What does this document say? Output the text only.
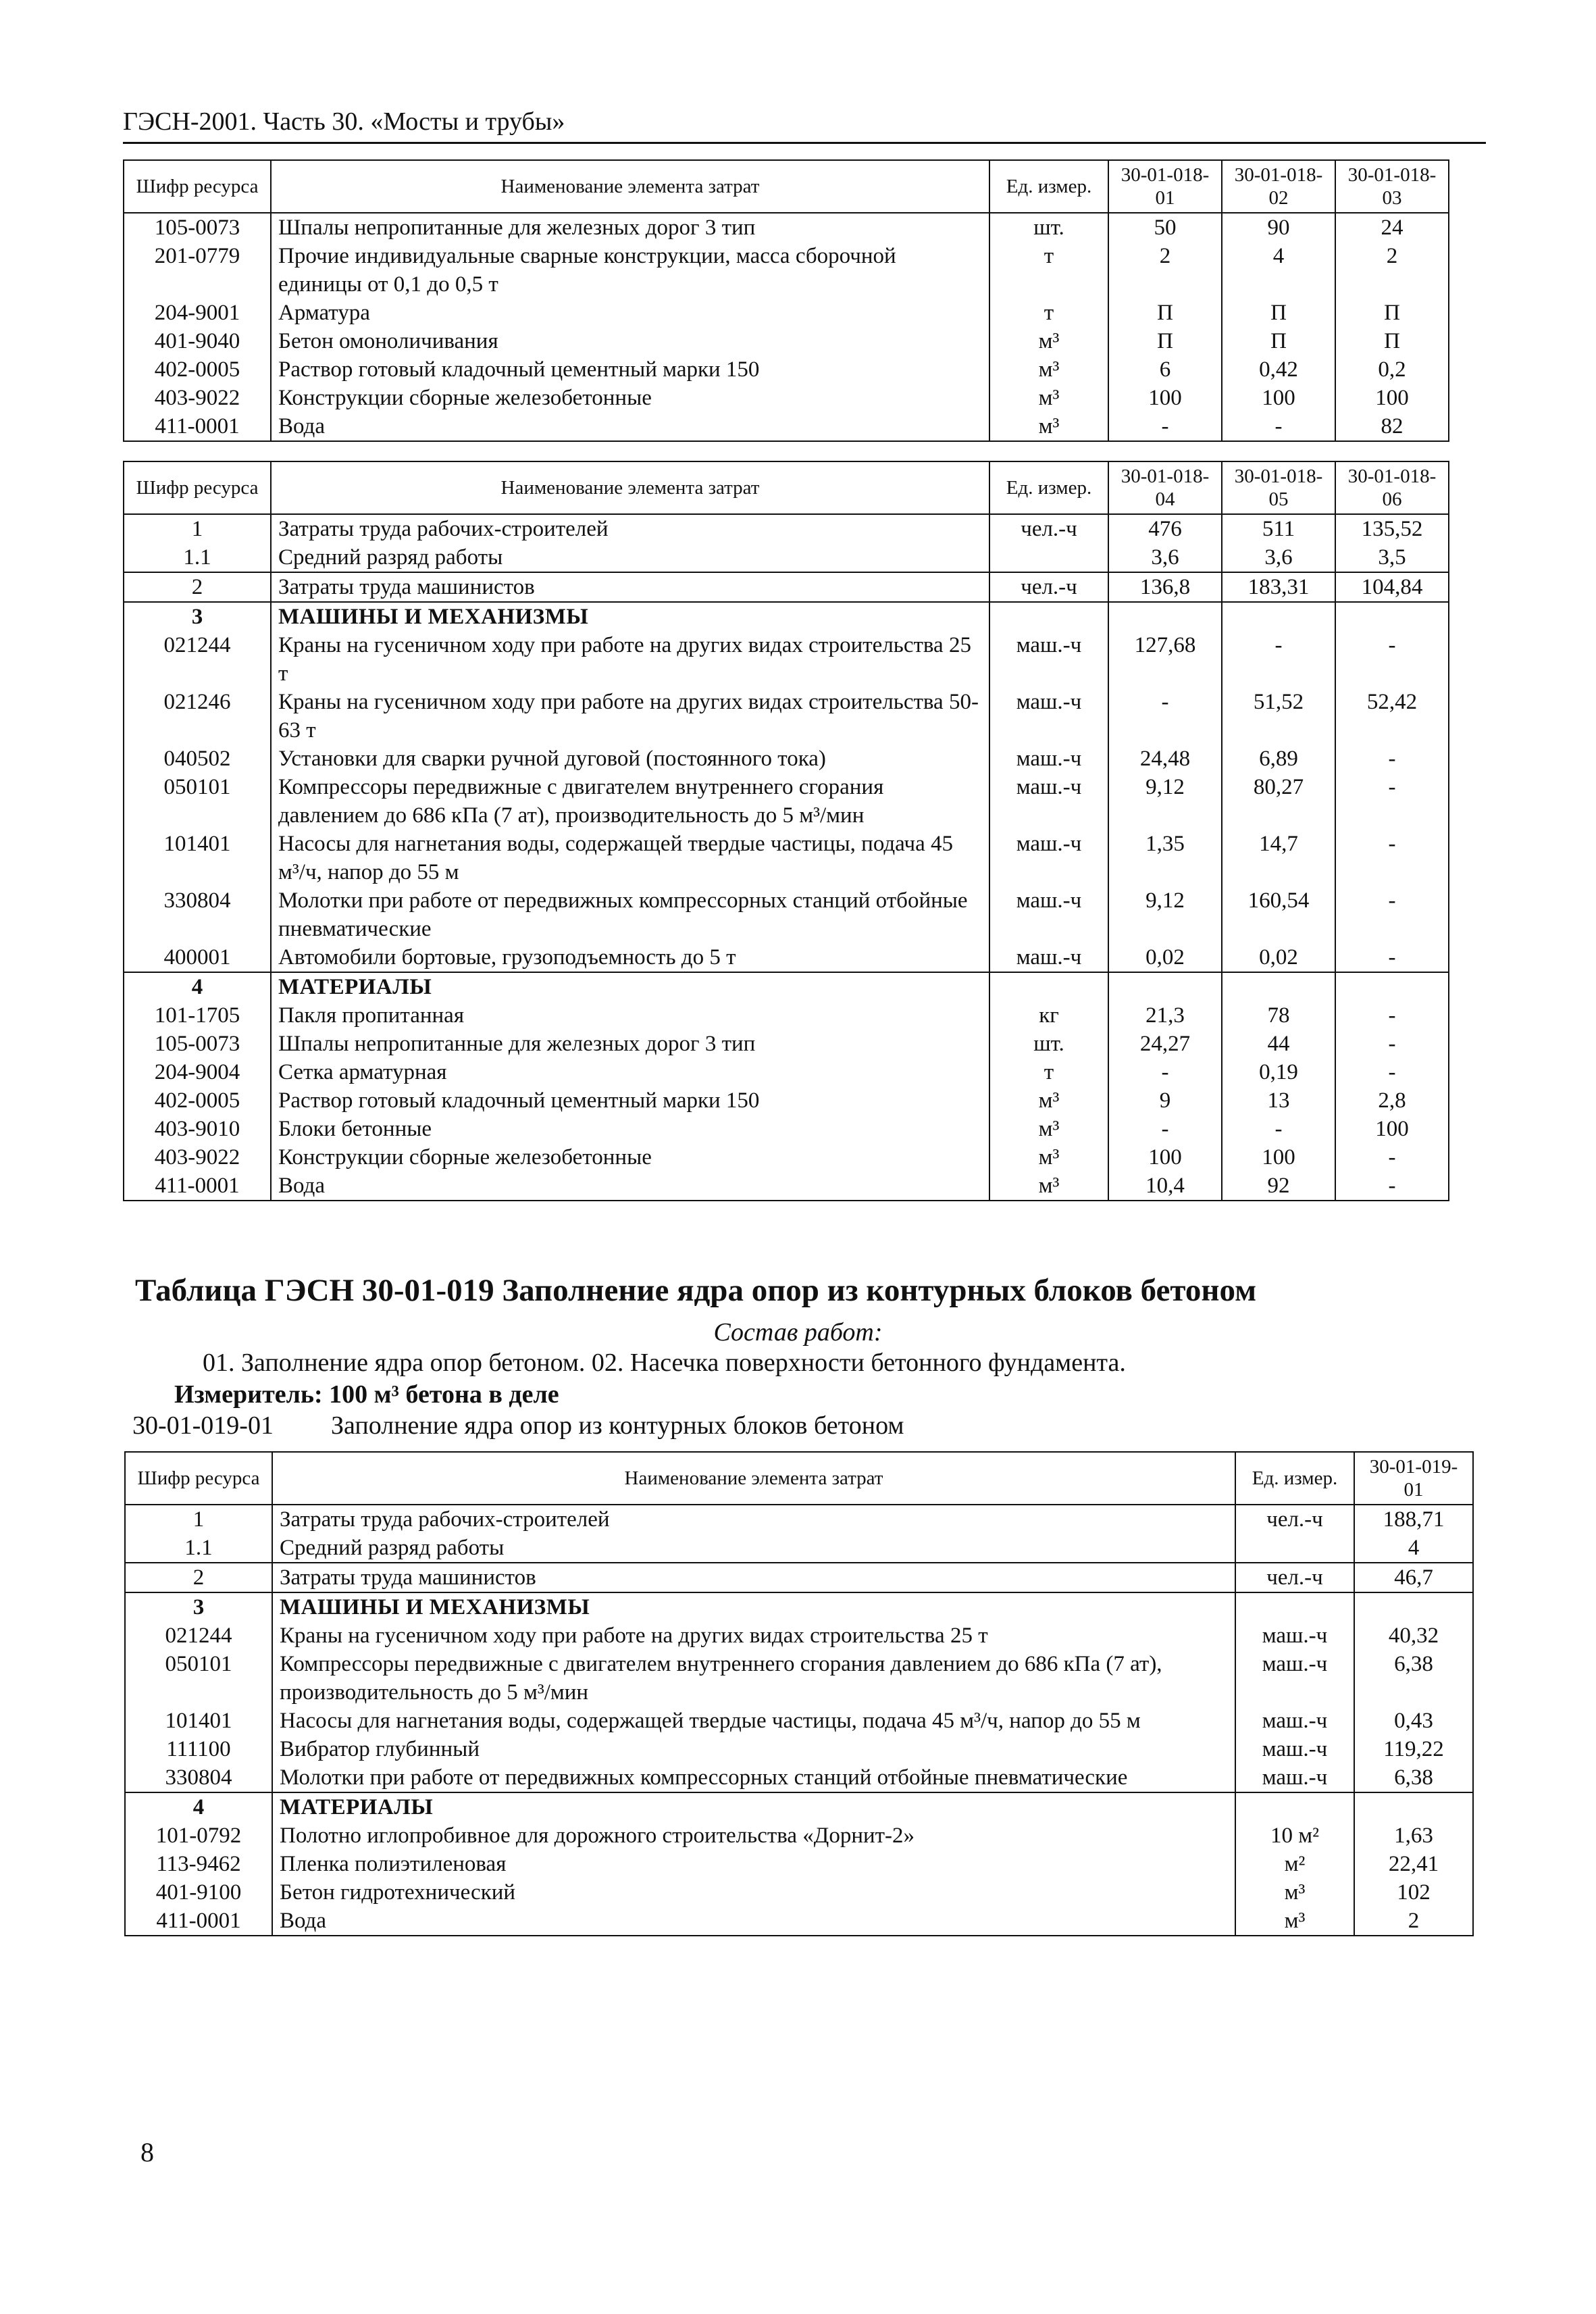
ГЭСН-2001. Часть 30. «Мосты и трубы»
Шифр ресурса	Наименование элемента затрат	Ед. измер.	30-01-018-01	30-01-018-02	30-01-018-03
105-0073	Шпалы непропитанные для железных дорог 3 тип	шт.	50	90	24
201-0779	Прочие индивидуальные сварные конструкции, масса сборочной единицы от 0,1 до 0,5 т	т	2	4	2
204-9001	Арматура	т	П	П	П
401-9040	Бетон омоноличивания	м³	П	П	П
402-0005	Раствор готовый кладочный цементный марки 150	м³	6	0,42	0,2
403-9022	Конструкции сборные железобетонные	м³	100	100	100
411-0001	Вода	м³	-	-	82
Шифр ресурса	Наименование элемента затрат	Ед. измер.	30-01-018-04	30-01-018-05	30-01-018-06
1	Затраты труда рабочих-строителей	чел.-ч	476	511	135,52
1.1	Средний разряд работы		3,6	3,6	3,5
2	Затраты труда машинистов	чел.-ч	136,8	183,31	104,84
3	МАШИНЫ И МЕХАНИЗМЫ				
021244	Краны на гусеничном ходу при работе на других видах строительства 25 т	маш.-ч	127,68	-	-
021246	Краны на гусеничном ходу при работе на других видах строительства 50-63 т	маш.-ч	-	51,52	52,42
040502	Установки для сварки ручной дуговой (постоянного тока)	маш.-ч	24,48	6,89	-
050101	Компрессоры передвижные с двигателем внутреннего сгорания давлением до 686 кПа (7 ат), производительность до 5 м³/мин	маш.-ч	9,12	80,27	-
101401	Насосы для нагнетания воды, содержащей твердые частицы, подача 45 м³/ч, напор до 55 м	маш.-ч	1,35	14,7	-
330804	Молотки при работе от передвижных компрессорных станций отбойные пневматические	маш.-ч	9,12	160,54	-
400001	Автомобили бортовые, грузоподъемность до 5 т	маш.-ч	0,02	0,02	-
4	МАТЕРИАЛЫ				
101-1705	Пакля пропитанная	кг	21,3	78	-
105-0073	Шпалы непропитанные для железных дорог 3 тип	шт.	24,27	44	-
204-9004	Сетка арматурная	т	-	0,19	-
402-0005	Раствор готовый кладочный цементный марки 150	м³	9	13	2,8
403-9010	Блоки бетонные	м³	-	-	100
403-9022	Конструкции сборные железобетонные	м³	100	100	-
411-0001	Вода	м³	10,4	92	-
Таблица ГЭСН 30-01-019 Заполнение ядра опор из контурных блоков бетоном
Состав работ:
01. Заполнение ядра опор бетоном. 02. Насечка поверхности бетонного фундамента.
Измеритель: 100 м³ бетона в деле
30-01-019-01 Заполнение ядра опор из контурных блоков бетоном
Шифр ресурса	Наименование элемента затрат	Ед. измер.	30-01-019-01
1	Затраты труда рабочих-строителей	чел.-ч	188,71
1.1	Средний разряд работы		4
2	Затраты труда машинистов	чел.-ч	46,7
3	МАШИНЫ И МЕХАНИЗМЫ		
021244	Краны на гусеничном ходу при работе на других видах строительства 25 т	маш.-ч	40,32
050101	Компрессоры передвижные с двигателем внутреннего сгорания давлением до 686 кПа (7 ат), производительность до 5 м³/мин	маш.-ч	6,38
101401	Насосы для нагнетания воды, содержащей твердые частицы, подача 45 м³/ч, напор до 55 м	маш.-ч	0,43
111100	Вибратор глубинный	маш.-ч	119,22
330804	Молотки при работе от передвижных компрессорных станций отбойные пневматические	маш.-ч	6,38
4	МАТЕРИАЛЫ		
101-0792	Полотно иглопробивное для дорожного строительства «Дорнит-2»	10 м²	1,63
113-9462	Пленка полиэтиленовая	м²	22,41
401-9100	Бетон гидротехнический	м³	102
411-0001	Вода	м³	2
8
